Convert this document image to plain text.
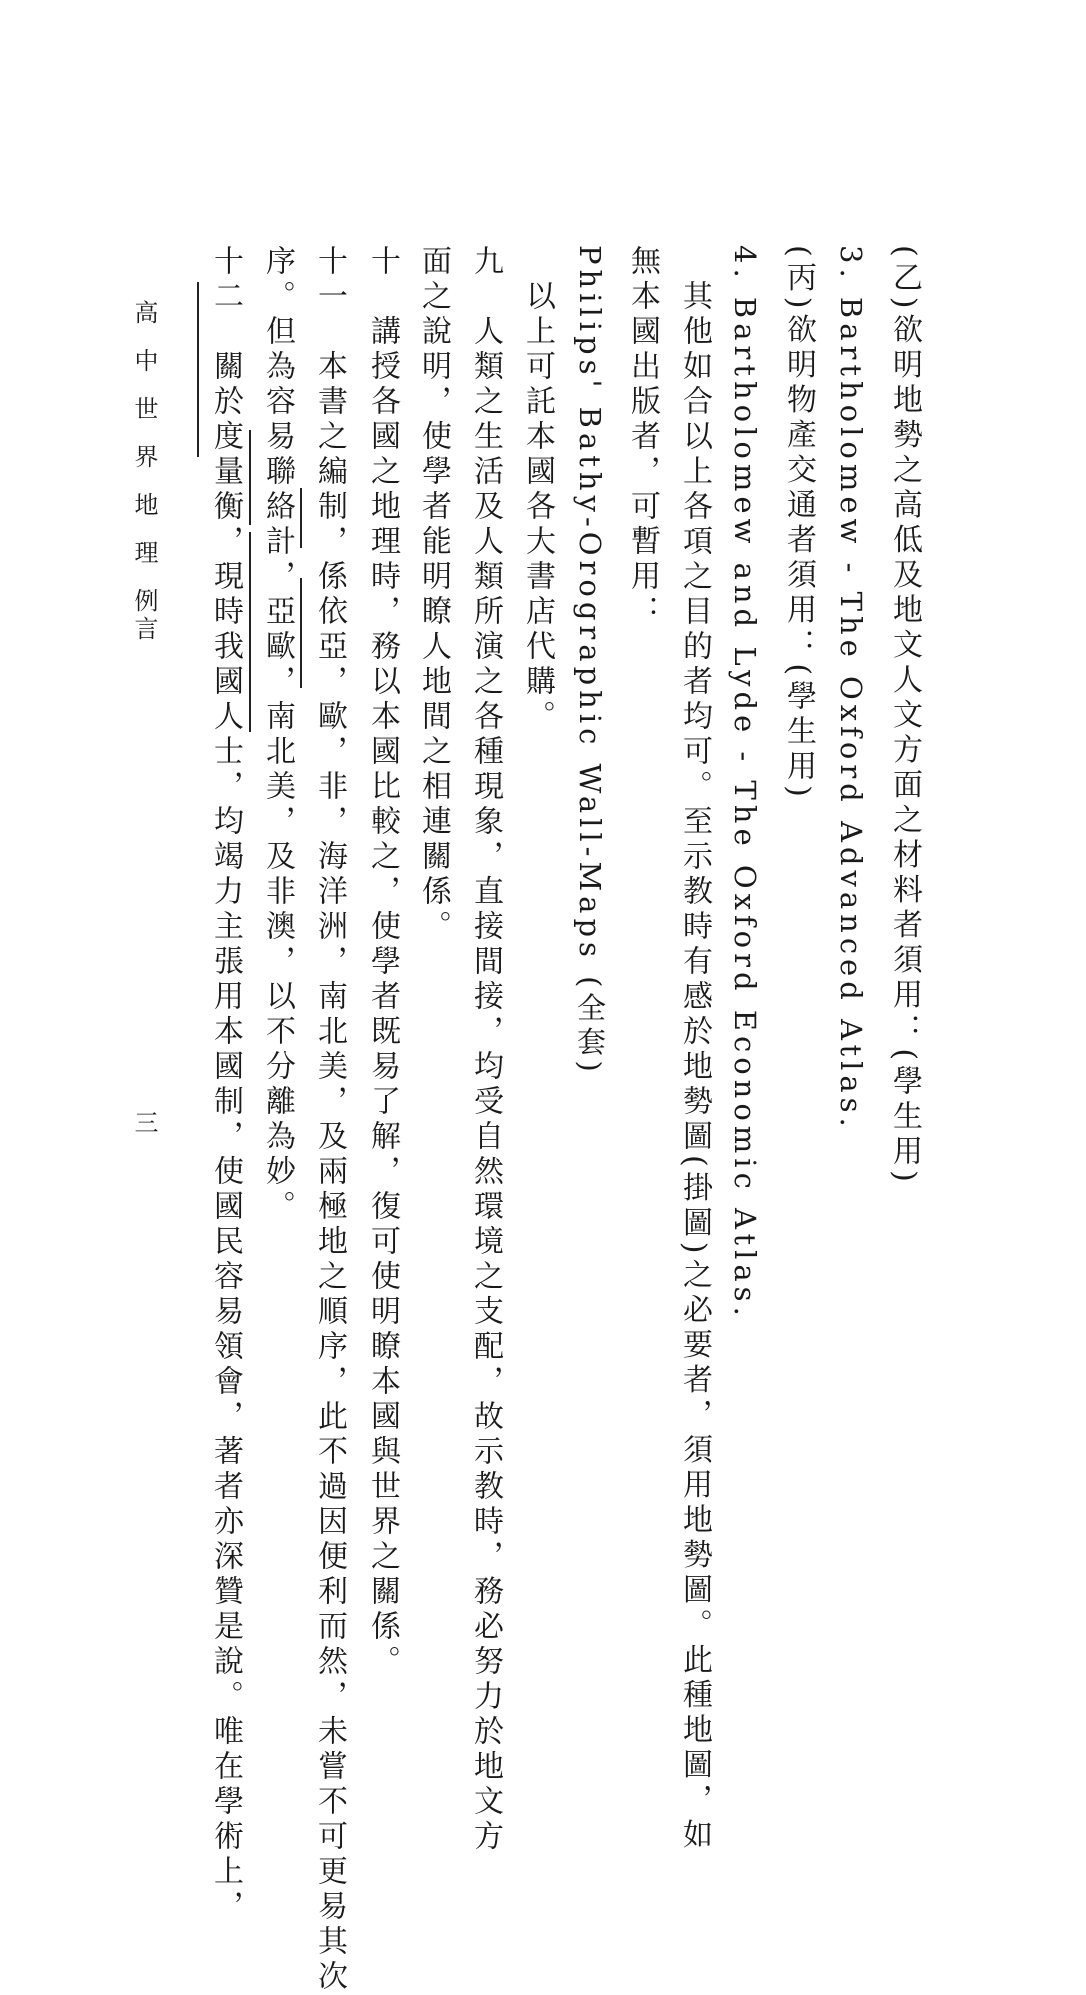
高中世界地理
例言
三	(乙)欲明地勢之高低及地文人文方面之材料者須用：(學生用)
3. Bartholomew - The Oxford Advanced Atlas.
(丙)欲明物產交通者須用：(學生用)
4. Bartholomew and Lyde - The Oxford Economic Atlas.
其他如合以上各項之目的者均可。至示教時有感於地勢圖(掛圖)之必要者，須用地勢圖。此種地圖，如
無本國出版者，可暫用：
Philips' Bathy-Orographic Wall-Maps (全套)
以上可託本國各大書店代購。
九　人類之生活及人類所演之各種現象，直接間接，均受自然環境之支配，故示教時，務必努力於地文方
面之說明，使學者能明瞭人地間之相連關係。
十　講授各國之地理時，務以本國比較之，使學者既易了解，復可使明瞭本國與世界之關係。
十一　本書之編制，係依亞，歐，非，海洋洲，南北美，及兩極地之順序，此不過因便利而然，未嘗不可更易其次
序。但為容易聯絡計，亞歐，南北美，及非澳，以不分離為妙。
十二　關於度量衡，現時我國人士，均竭力主張用本國制，使國民容易領會，著者亦深贊是說。唯在學術上，
